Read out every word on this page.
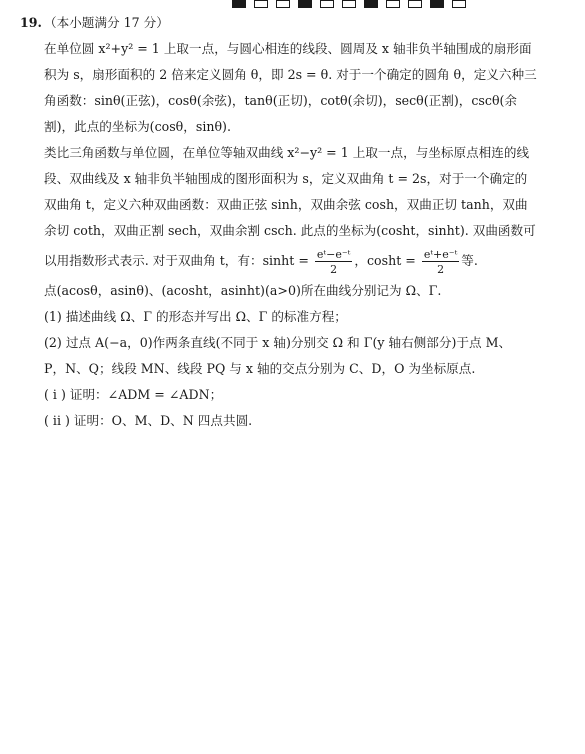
19. （本小题满分 17 分）
在单位圆 x²+y² = 1 上取一点，与圆心相连的线段、圆周及 x 轴非负半轴围成的扇形面
积为 s，扇形面积的 2 倍来定义圆角 θ，即 2s = θ. 对于一个确定的圆角 θ，定义六种三
角函数：sinθ(正弦)，cosθ(余弦)，tanθ(正切)，cotθ(余切)，secθ(正割)，cscθ(余
割)，此点的坐标为(cosθ，sinθ).
类比三角函数与单位圆，在单位等轴双曲线 x²−y² = 1 上取一点，与坐标原点相连的线
段、双曲线及 x 轴非负半轴围成的图形面积为 s，定义双曲角 t = 2s，对于一个确定的
双曲角 t，定义六种双曲函数：双曲正弦 sinh，双曲余弦 cosh，双曲正切 tanh，双曲
余切 coth，双曲正割 sech，双曲余割 csch. 此点的坐标为(cosht，sinht). 双曲函数可
以用指数形式表示. 对于双曲角 t，有：$\sinh t = \frac{\text{eᵗ−e⁻ᵗ}}{2}$ ，$\cosh t = \frac{\text{eᵗ+e⁻ᵗ}}{2}$ 等.
点(acosθ，asinθ)、(acosht，asinht)(a>0)所在曲线分别记为 Ω、Γ.
(1) 描述曲线 Ω、Γ 的形态并写出 Ω、Γ 的标准方程；
(2) 过点 A(−a，0)作两条直线(不同于 x 轴)分别交 Ω 和 Γ(y 轴右侧部分)于点 M、
P，N、Q；线段 MN、线段 PQ 与 x 轴的交点分别为 C、D，O 为坐标原点.
( i ) 证明：∠ADM = ∠ADN；
( ii ) 证明：O、M、D、N 四点共圆.
